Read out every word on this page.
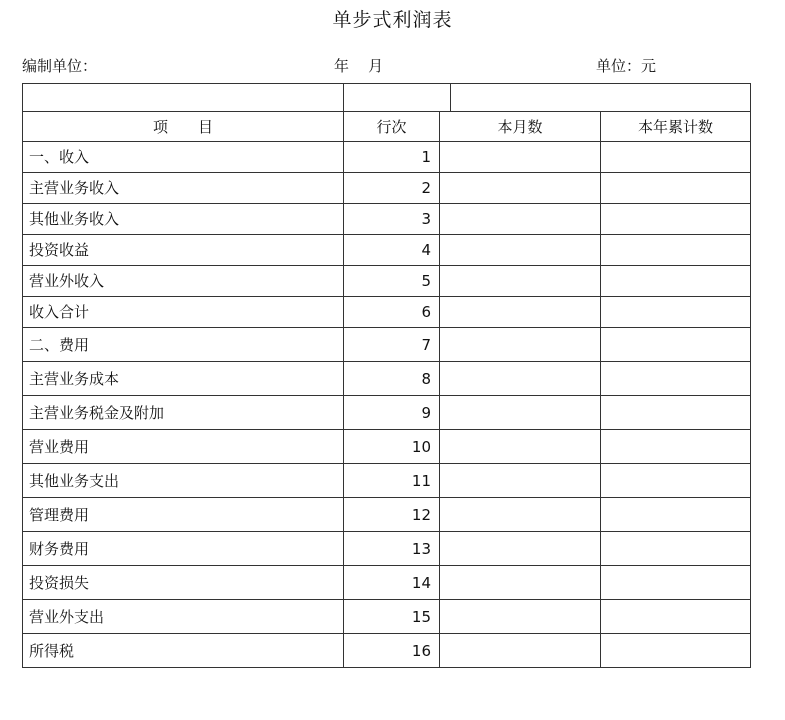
单步式利润表
编制单位：	年    月	单位：元

项　　目	行次	本月数	本年累计数
一、收入	1		
主营业务收入	2		
其他业务收入	3		
投资收益	4		
营业外收入	5		
收入合计	6		
二、费用	7		
主营业务成本	8		
主营业务税金及附加	9		
营业费用	10		
其他业务支出	11		
管理费用	12		
财务费用	13		
投资损失	14		
营业外支出	15		
所得税	16		
